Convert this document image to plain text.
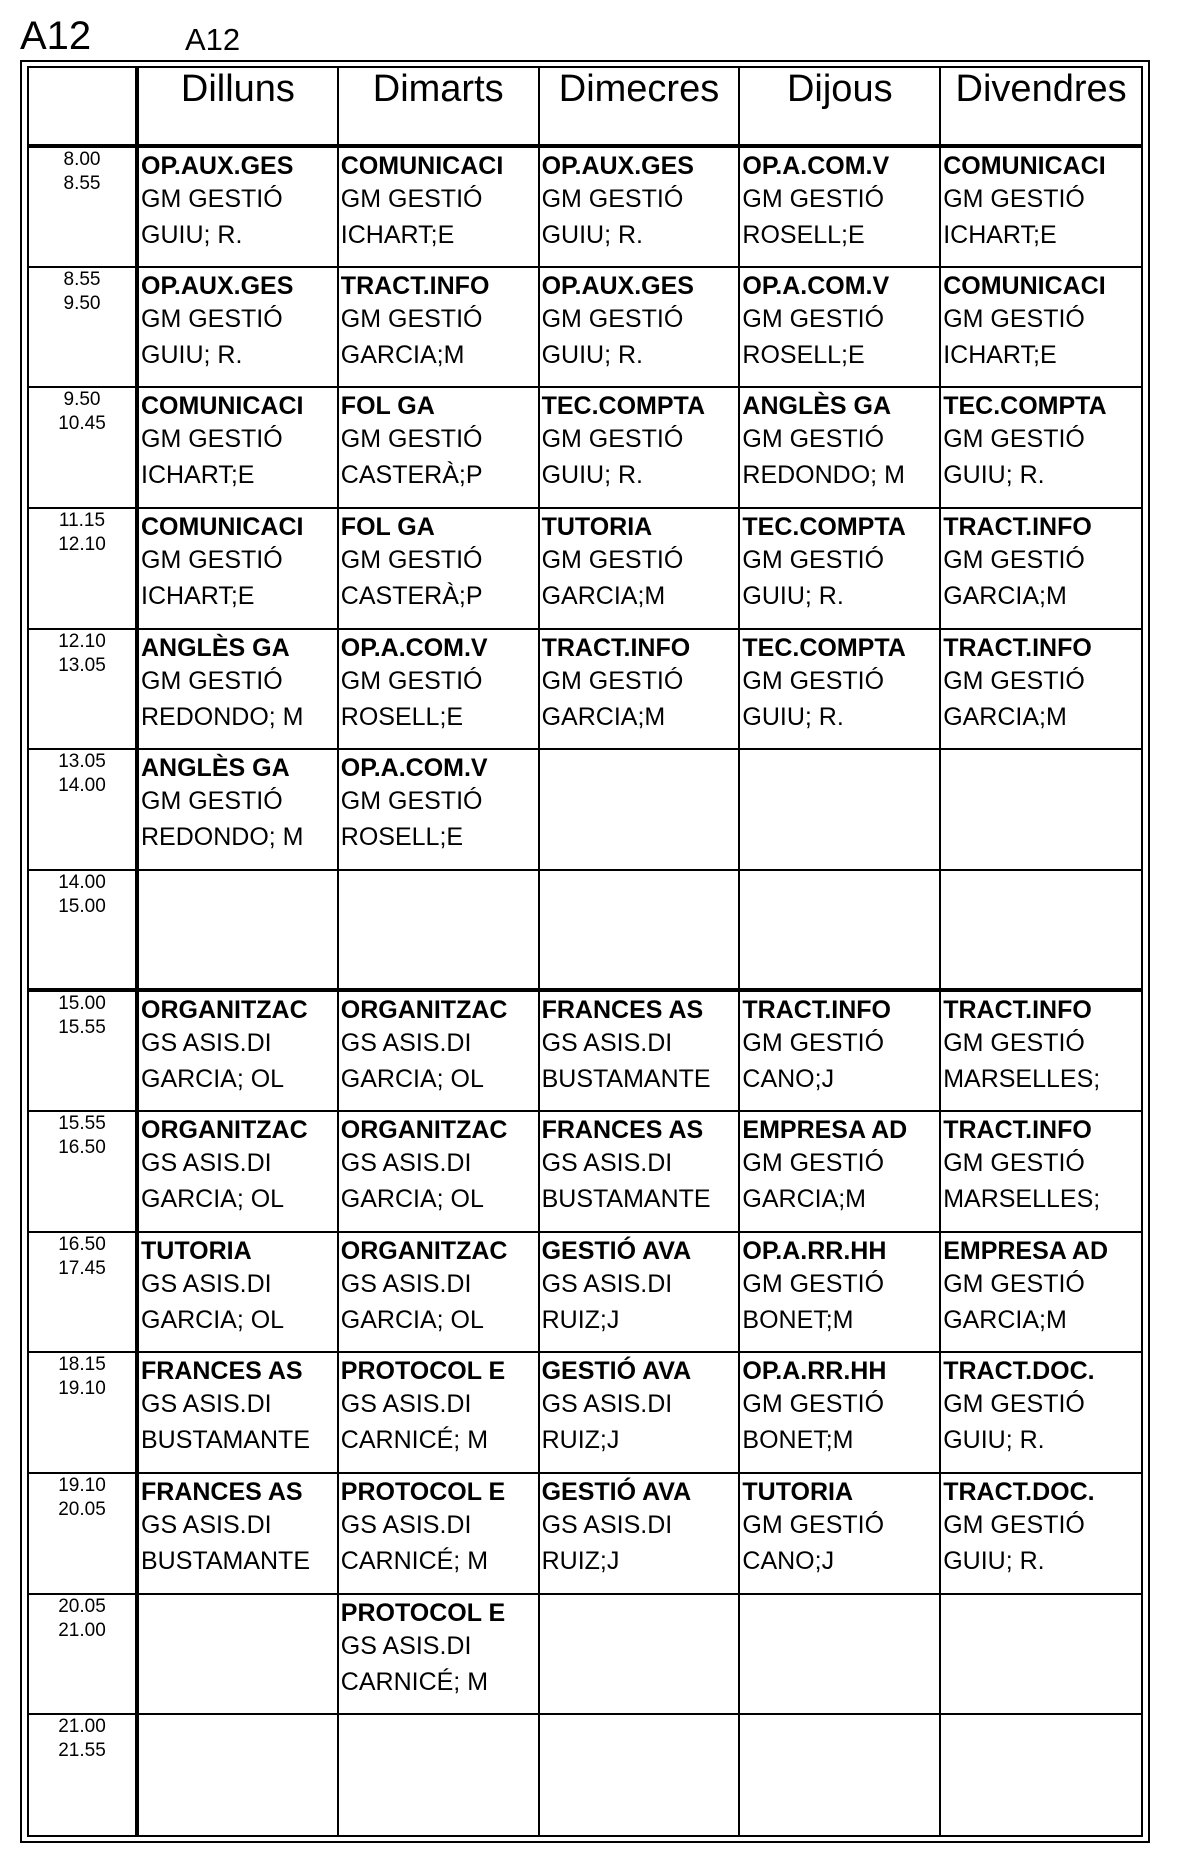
A12	A12
	Dilluns	Dimarts	Dimecres	Dijous	Divendres

8.00
8.55	OP.AUX.GES
GM GESTIÓ
GUIU; R.	COMUNICACI
GM GESTIÓ
ICHART;E	OP.AUX.GES
GM GESTIÓ
GUIU; R.	OP.A.COM.V
GM GESTIÓ
ROSELL;E	COMUNICACI
GM GESTIÓ
ICHART;E

8.55
9.50	OP.AUX.GES
GM GESTIÓ
GUIU; R.	TRACT.INFO
GM GESTIÓ
GARCIA;M	OP.AUX.GES
GM GESTIÓ
GUIU; R.	OP.A.COM.V
GM GESTIÓ
ROSELL;E	COMUNICACI
GM GESTIÓ
ICHART;E

9.50
10.45	COMUNICACI
GM GESTIÓ
ICHART;E	FOL GA
GM GESTIÓ
CASTERÀ;P	TEC.COMPTA
GM GESTIÓ
GUIU; R.	ANGLÈS GA
GM GESTIÓ
REDONDO; M	TEC.COMPTA
GM GESTIÓ
GUIU; R.

11.15
12.10	COMUNICACI
GM GESTIÓ
ICHART;E	FOL GA
GM GESTIÓ
CASTERÀ;P	TUTORIA
GM GESTIÓ
GARCIA;M	TEC.COMPTA
GM GESTIÓ
GUIU; R.	TRACT.INFO
GM GESTIÓ
GARCIA;M

12.10
13.05	ANGLÈS GA
GM GESTIÓ
REDONDO; M	OP.A.COM.V
GM GESTIÓ
ROSELL;E	TRACT.INFO
GM GESTIÓ
GARCIA;M	TEC.COMPTA
GM GESTIÓ
GUIU; R.	TRACT.INFO
GM GESTIÓ
GARCIA;M

13.05
14.00	ANGLÈS GA
GM GESTIÓ
REDONDO; M	OP.A.COM.V
GM GESTIÓ
ROSELL;E			

14.00
15.00					

15.00
15.55	ORGANITZAC
GS ASIS.DI
GARCIA; OL	ORGANITZAC
GS ASIS.DI
GARCIA; OL	FRANCES AS
GS ASIS.DI
BUSTAMANTE	TRACT.INFO
GM GESTIÓ
CANO;J	TRACT.INFO
GM GESTIÓ
MARSELLES;

15.55
16.50	ORGANITZAC
GS ASIS.DI
GARCIA; OL	ORGANITZAC
GS ASIS.DI
GARCIA; OL	FRANCES AS
GS ASIS.DI
BUSTAMANTE	EMPRESA AD
GM GESTIÓ
GARCIA;M	TRACT.INFO
GM GESTIÓ
MARSELLES;

16.50
17.45	TUTORIA
GS ASIS.DI
GARCIA; OL	ORGANITZAC
GS ASIS.DI
GARCIA; OL	GESTIÓ AVA
GS ASIS.DI
RUIZ;J	OP.A.RR.HH
GM GESTIÓ
BONET;M	EMPRESA AD
GM GESTIÓ
GARCIA;M

18.15
19.10	FRANCES AS
GS ASIS.DI
BUSTAMANTE	PROTOCOL E
GS ASIS.DI
CARNICÉ; M	GESTIÓ AVA
GS ASIS.DI
RUIZ;J	OP.A.RR.HH
GM GESTIÓ
BONET;M	TRACT.DOC.
GM GESTIÓ
GUIU; R.

19.10
20.05	FRANCES AS
GS ASIS.DI
BUSTAMANTE	PROTOCOL E
GS ASIS.DI
CARNICÉ; M	GESTIÓ AVA
GS ASIS.DI
RUIZ;J	TUTORIA
GM GESTIÓ
CANO;J	TRACT.DOC.
GM GESTIÓ
GUIU; R.

20.05
21.00		PROTOCOL E
GS ASIS.DI
CARNICÉ; M			

21.00
21.55					
